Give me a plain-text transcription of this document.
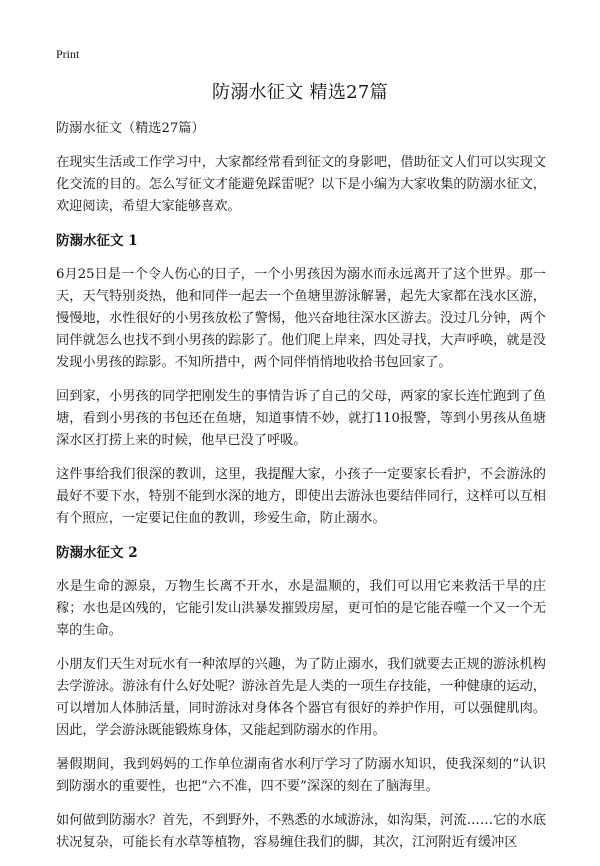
Print
防溺水征文 精选27篇

防溺水征文（精选27篇）

在现实生活或工作学习中，大家都经常看到征文的身影吧，借助征文人们可以实现文化交流的目的。怎么写征文才能避免踩雷呢？以下是小编为大家收集的防溺水征文，欢迎阅读，希望大家能够喜欢。

防溺水征文 1

6月25日是一个令人伤心的日子，一个小男孩因为溺水而永远离开了这个世界。那一天，天气特别炎热，他和同伴一起去一个鱼塘里游泳解暑，起先大家都在浅水区游，慢慢地，水性很好的小男孩放松了警惕，他兴奋地往深水区游去。没过几分钟，两个同伴就怎么也找不到小男孩的踪影了。他们爬上岸来，四处寻找，大声呼唤，就是没发现小男孩的踪影。不知所措中，两个同伴悄悄地收拾书包回家了。

回到家，小男孩的同学把刚发生的事情告诉了自己的父母，两家的家长连忙跑到了鱼塘，看到小男孩的书包还在鱼塘，知道事情不妙，就打110报警，等到小男孩从鱼塘深水区打捞上来的时候，他早已没了呼吸。

这件事给我们很深的教训，这里，我提醒大家，小孩子一定要家长看护，不会游泳的最好不要下水，特别不能到水深的地方，即使出去游泳也要结伴同行，这样可以互相有个照应，一定要记住血的教训，珍爱生命，防止溺水。

防溺水征文 2

水是生命的源泉，万物生长离不开水，水是温顺的，我们可以用它来救活干旱的庄稼；水也是凶残的，它能引发山洪暴发摧毁房屋，更可怕的是它能吞噬一个又一个无辜的生命。

小朋友们天生对玩水有一种浓厚的兴趣，为了防止溺水，我们就要去正规的游泳机构去学游泳。游泳有什么好处呢？游泳首先是人类的一项生存技能，一种健康的运动，可以增加人体肺活量，同时游泳对身体各个器官有很好的养护作用，可以强健肌肉。因此，学会游泳既能锻炼身体，又能起到防溺水的作用。

暑假期间，我到妈妈的工作单位湖南省水利厅学习了防溺水知识，使我深刻的“认识到防溺水的重要性，也把“六不准，四不要”深深的刻在了脑海里。

如何做到防溺水？首先，不到野外，不熟悉的水域游泳，如沟渠，河流……它的水底状况复杂，可能长有水草等植物，容易缠住我们的脚，其次，江河附近有缓冲区
